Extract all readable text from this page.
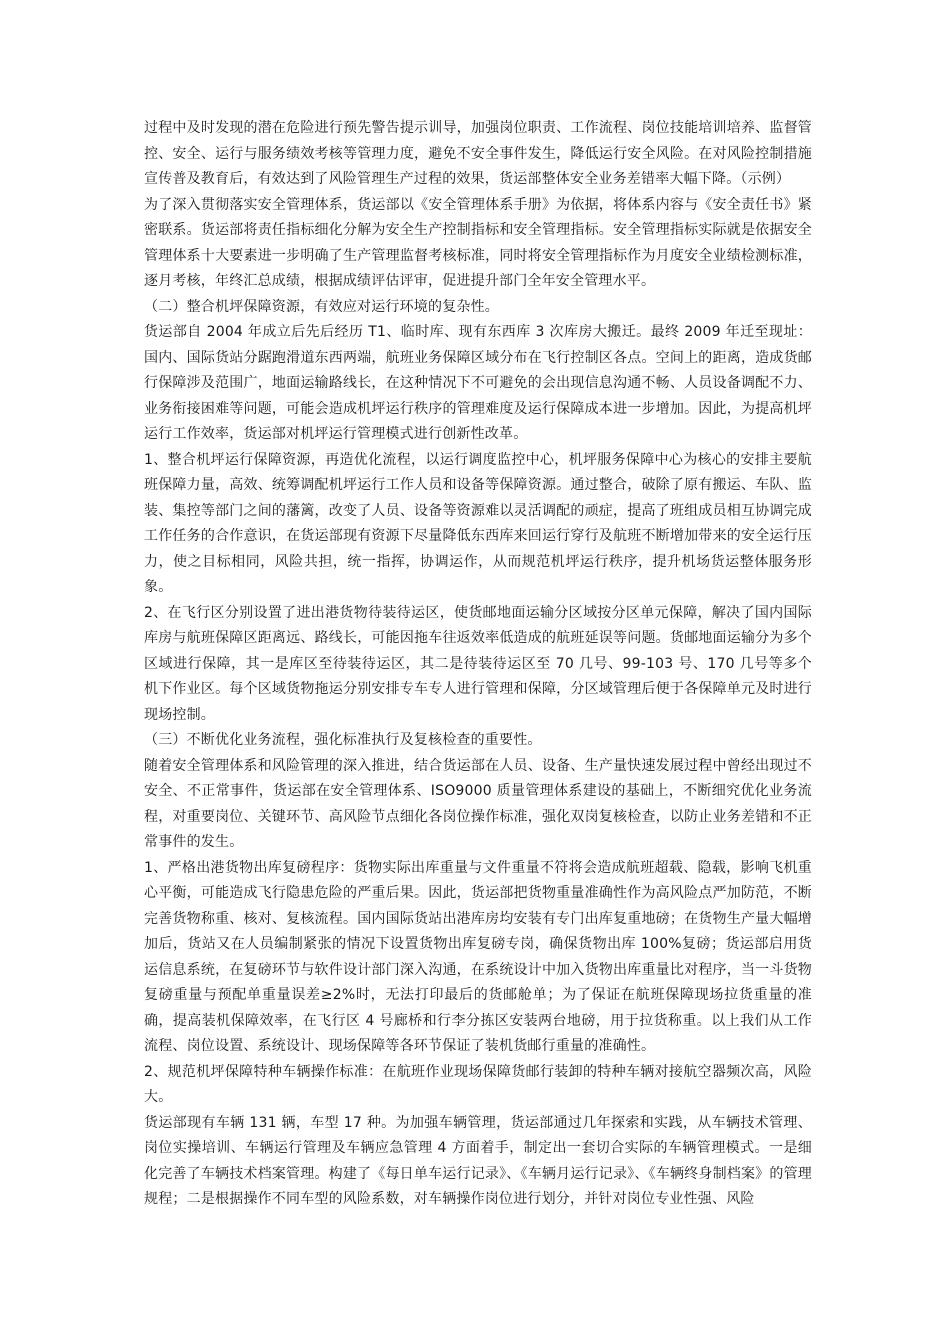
过程中及时发现的潜在危险进行预先警告提示训导，加强岗位职责、工作流程、岗位技能培训培养、监督管控、安全、运行与服务绩效考核等管理力度，避免不安全事件发生，降低运行安全风险。在对风险控制措施宣传普及教育后，有效达到了风险管理生产过程的效果，货运部整体安全业务差错率大幅下降。（示例）

为了深入贯彻落实安全管理体系，货运部以《安全管理体系手册》为依据，将体系内容与《安全责任书》紧密联系。货运部将责任指标细化分解为安全生产控制指标和安全管理指标。安全管理指标实际就是依据安全管理体系十大要素进一步明确了生产管理监督考核标准，同时将安全管理指标作为月度安全业绩检测标准，逐月考核，年终汇总成绩，根据成绩评估评审，促进提升部门全年安全管理水平。

（二）整合机坪保障资源，有效应对运行环境的复杂性。

货运部自 2004 年成立后先后经历 T1、临时库、现有东西库 3 次库房大搬迁。最终 2009 年迁至现址：国内、国际货站分踞跑滑道东西两端，航班业务保障区域分布在飞行控制区各点。空间上的距离，造成货邮行保障涉及范围广，地面运输路线长，在这种情况下不可避免的会出现信息沟通不畅、人员设备调配不力、业务衔接困难等问题，可能会造成机坪运行秩序的管理难度及运行保障成本进一步增加。因此，为提高机坪运行工作效率，货运部对机坪运行管理模式进行创新性改革。

1、整合机坪运行保障资源，再造优化流程，以运行调度监控中心，机坪服务保障中心为核心的安排主要航班保障力量，高效、统筹调配机坪运行工作人员和设备等保障资源。通过整合，破除了原有搬运、车队、监装、集控等部门之间的藩篱，改变了人员、设备等资源难以灵活调配的顽症，提高了班组成员相互协调完成工作任务的合作意识，在货运部现有资源下尽量降低东西库来回运行穿行及航班不断增加带来的安全运行压力，使之目标相同，风险共担，统一指挥，协调运作，从而规范机坪运行秩序，提升机场货运整体服务形象。

2、在飞行区分别设置了进出港货物待装待运区，使货邮地面运输分区域按分区单元保障，解决了国内国际库房与航班保障区距离远、路线长，可能因拖车往返效率低造成的航班延误等问题。货邮地面运输分为多个区域进行保障，其一是库区至待装待运区，其二是待装待运区至 70 几号、99-103 号、170 几号等多个机下作业区。每个区域货物拖运分别安排专车专人进行管理和保障，分区域管理后便于各保障单元及时进行现场控制。

（三）不断优化业务流程，强化标准执行及复核检查的重要性。

随着安全管理体系和风险管理的深入推进，结合货运部在人员、设备、生产量快速发展过程中曾经出现过不安全、不正常事件，货运部在安全管理体系、ISO9000 质量管理体系建设的基础上，不断细究优化业务流程，对重要岗位、关键环节、高风险节点细化各岗位操作标准，强化双岗复核检查，以防止业务差错和不正常事件的发生。

1、严格出港货物出库复磅程序：货物实际出库重量与文件重量不符将会造成航班超载、隐载，影响飞机重心平衡，可能造成飞行隐患危险的严重后果。因此，货运部把货物重量准确性作为高风险点严加防范，不断完善货物称重、核对、复核流程。国内国际货站出港库房均安装有专门出库复重地磅；在货物生产量大幅增加后，货站又在人员编制紧张的情况下设置货物出库复磅专岗，确保货物出库 100%复磅；货运部启用货运信息系统，在复磅环节与软件设计部门深入沟通，在系统设计中加入货物出库重量比对程序，当一斗货物复磅重量与预配单重量误差≥2%时，无法打印最后的货邮舱单；为了保证在航班保障现场拉货重量的准确，提高装机保障效率，在飞行区 4 号廊桥和行李分拣区安装两台地磅，用于拉货称重。以上我们从工作流程、岗位设置、系统设计、现场保障等各环节保证了装机货邮行重量的准确性。

2、规范机坪保障特种车辆操作标准：在航班作业现场保障货邮行装卸的特种车辆对接航空器频次高，风险大。

货运部现有车辆 131 辆，车型 17 种。为加强车辆管理，货运部通过几年探索和实践，从车辆技术管理、岗位实操培训、车辆运行管理及车辆应急管理 4 方面着手，制定出一套切合实际的车辆管理模式。一是细化完善了车辆技术档案管理。构建了《每日单车运行记录》、《车辆月运行记录》、《车辆终身制档案》的管理规程；二是根据操作不同车型的风险系数，对车辆操作岗位进行划分，并针对岗位专业性强、风险
